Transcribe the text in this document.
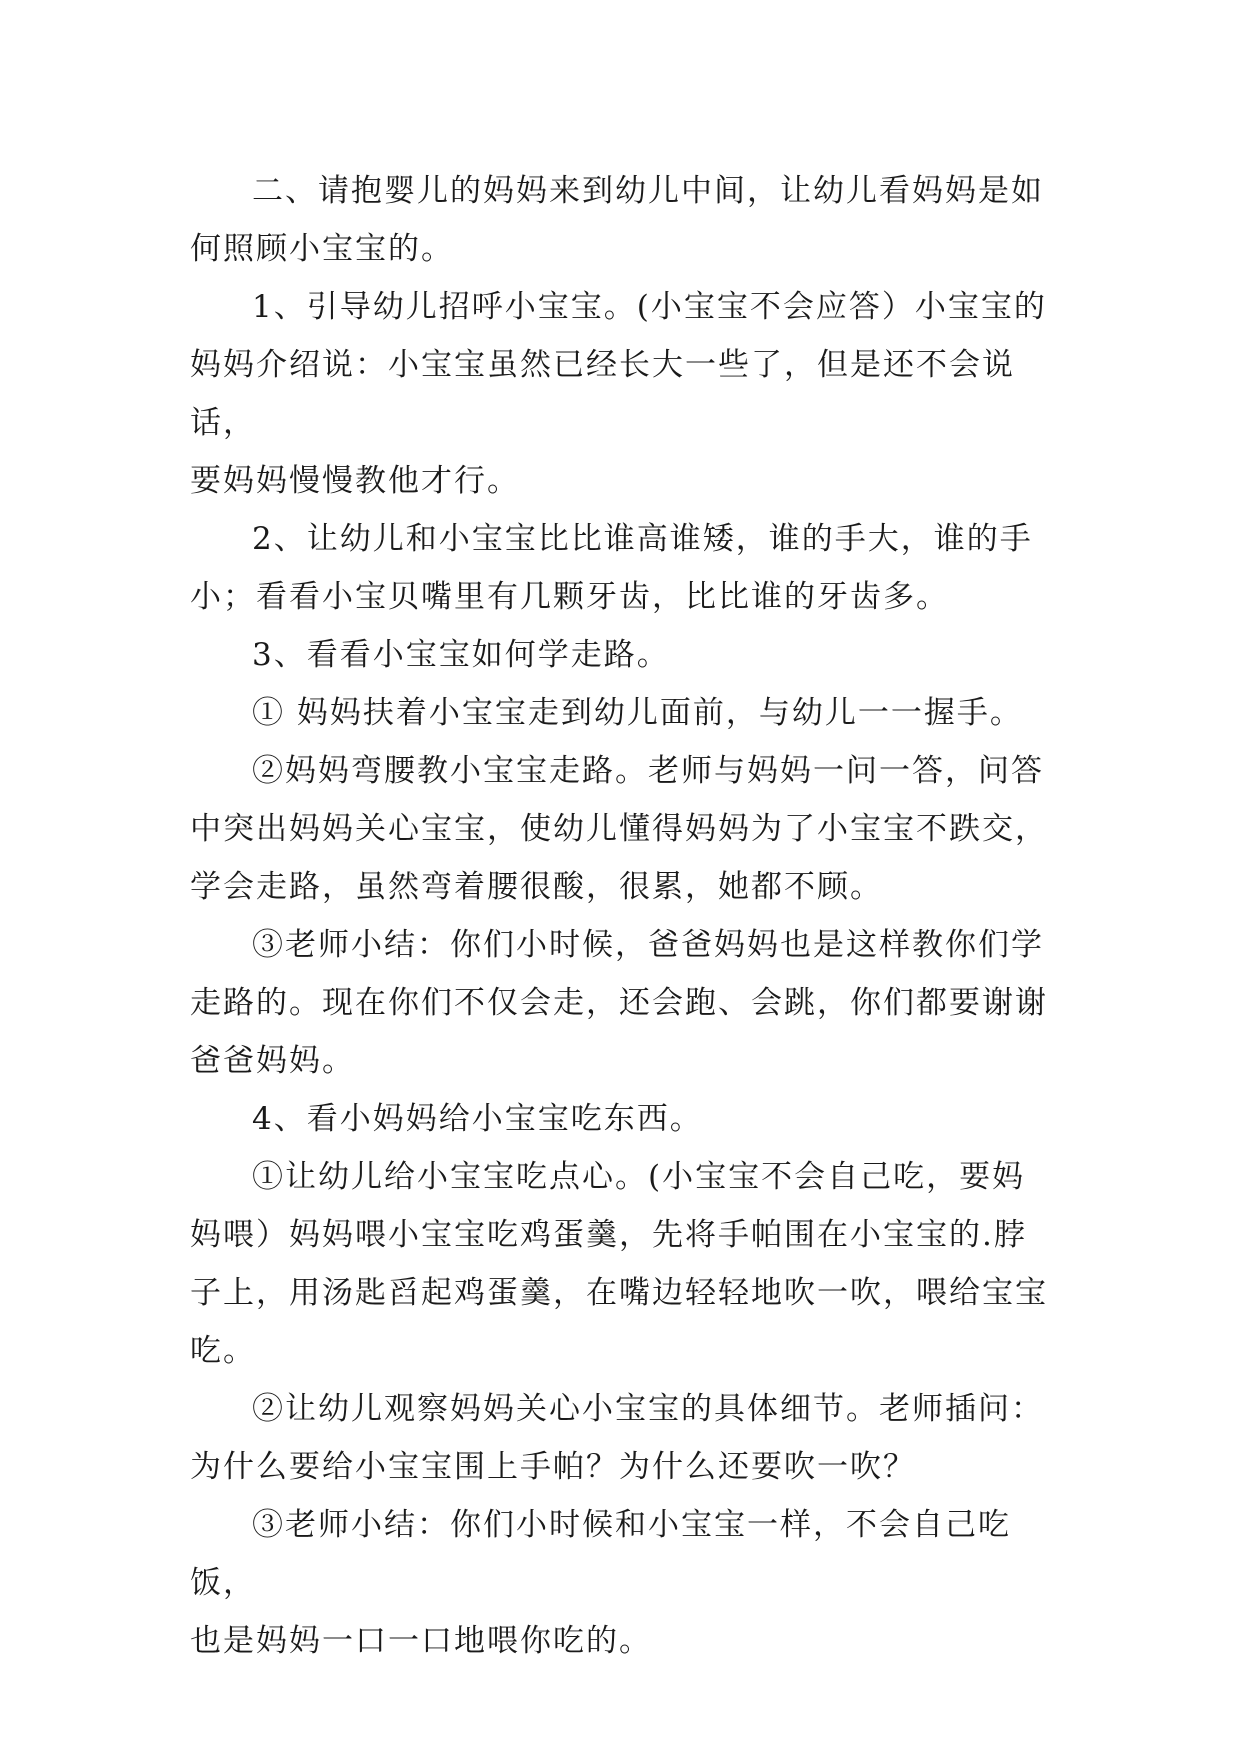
二、请抱婴儿的妈妈来到幼儿中间，让幼儿看妈妈是如
何照顾小宝宝的。
1、引导幼儿招呼小宝宝。(小宝宝不会应答）小宝宝的
妈妈介绍说：小宝宝虽然已经长大一些了，但是还不会说话，
要妈妈慢慢教他才行。
2、让幼儿和小宝宝比比谁高谁矮，谁的手大，谁的手
小；看看小宝贝嘴里有几颗牙齿，比比谁的牙齿多。
3、看看小宝宝如何学走路。
① 妈妈扶着小宝宝走到幼儿面前，与幼儿一一握手。
②妈妈弯腰教小宝宝走路。老师与妈妈一问一答，问答
中突出妈妈关心宝宝，使幼儿懂得妈妈为了小宝宝不跌交，
学会走路，虽然弯着腰很酸，很累，她都不顾。
③老师小结：你们小时候，爸爸妈妈也是这样教你们学
走路的。现在你们不仅会走，还会跑、会跳，你们都要谢谢
爸爸妈妈。
4、看小妈妈给小宝宝吃东西。
①让幼儿给小宝宝吃点心。(小宝宝不会自己吃，要妈
妈喂）妈妈喂小宝宝吃鸡蛋羹，先将手帕围在小宝宝的.脖
子上，用汤匙舀起鸡蛋羹，在嘴边轻轻地吹一吹，喂给宝宝
吃。
②让幼儿观察妈妈关心小宝宝的具体细节。老师插问：
为什么要给小宝宝围上手帕？为什么还要吹一吹？
③老师小结：你们小时候和小宝宝一样，不会自己吃饭，
也是妈妈一口一口地喂你吃的。
